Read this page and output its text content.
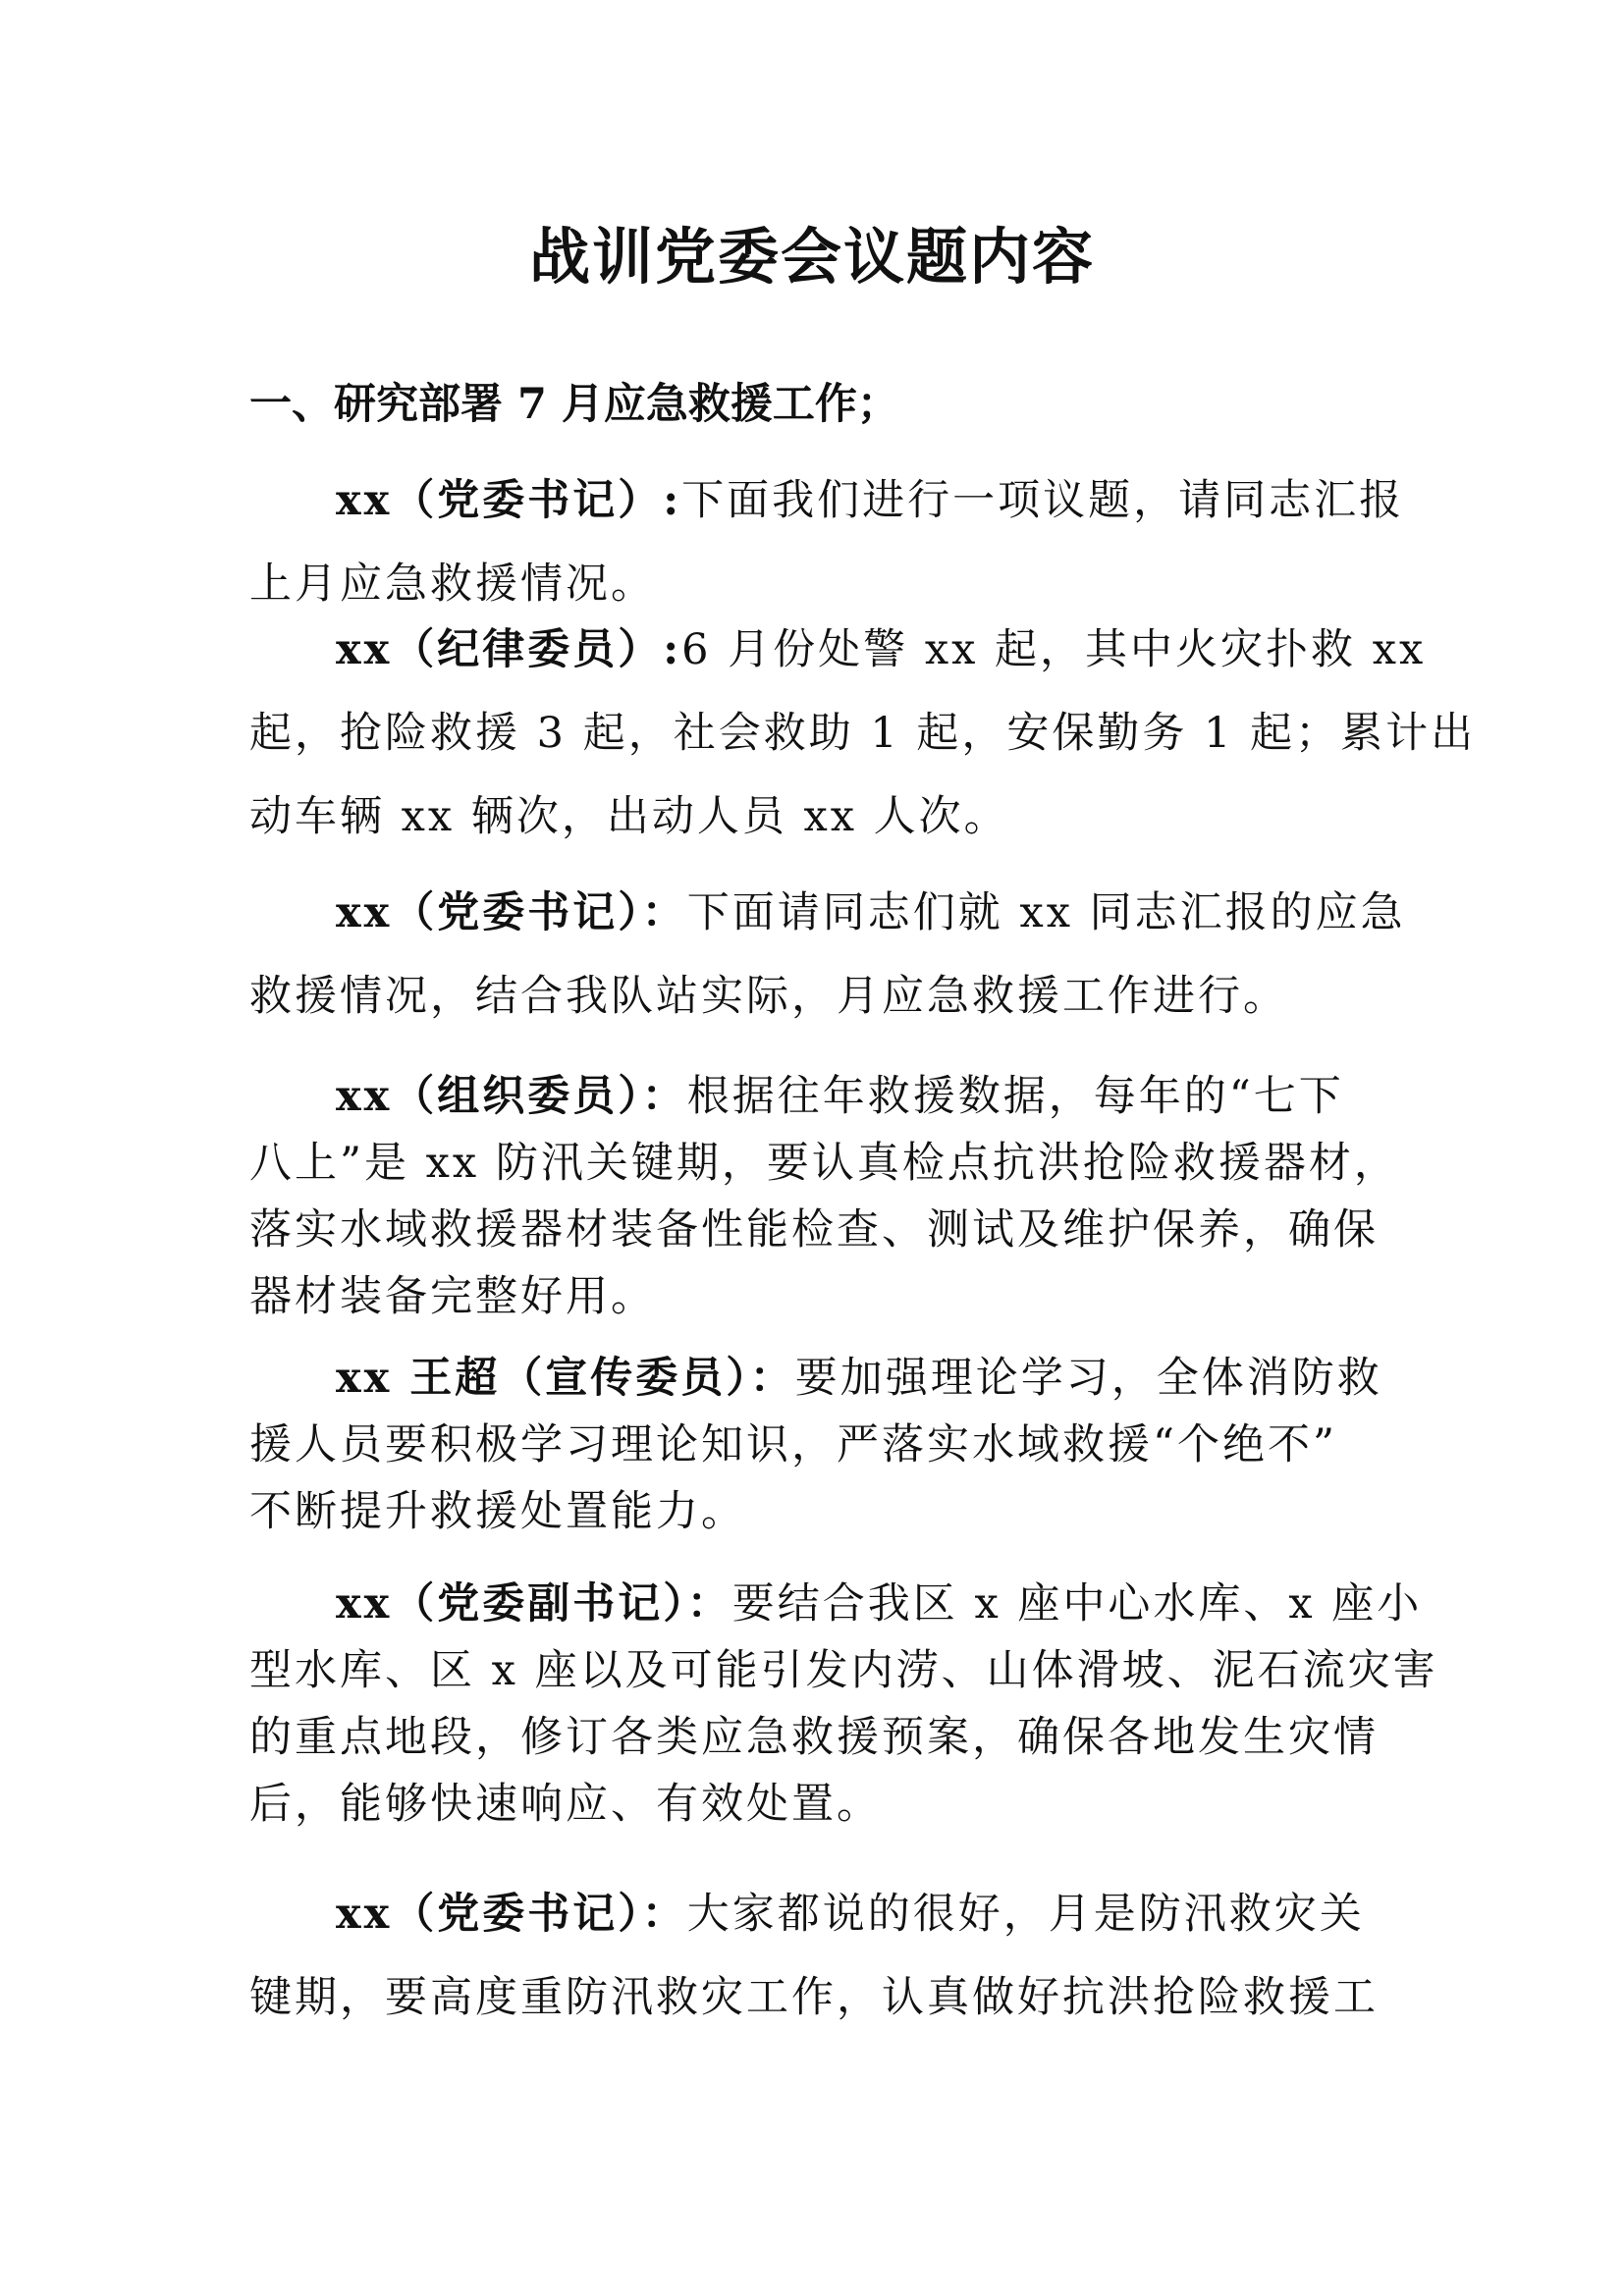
战训党委会议题内容
一、研究部署 7 月应急救援工作；
xx（党委书记）:下面我们进行一项议题，请同志汇报
上月应急救援情况。
xx（纪律委员）:6 月份处警 xx 起，其中火灾扑救 xx
起，抢险救援 3 起，社会救助 1 起，安保勤务 1 起；累计出
动车辆 xx 辆次，出动人员 xx 人次。
xx（党委书记）：下面请同志们就 xx 同志汇报的应急
救援情况，结合我队站实际，月应急救援工作进行。
xx（组织委员）：根据往年救援数据，每年的“七下
八上”是 xx 防汛关键期，要认真检点抗洪抢险救援器材，
落实水域救援器材装备性能检查、测试及维护保养，确保
器材装备完整好用。
xx 王超（宣传委员）：要加强理论学习，全体消防救
援人员要积极学习理论知识，严落实水域救援“个绝不”
不断提升救援处置能力。
xx（党委副书记）：要结合我区 x 座中心水库、x 座小
型水库、区 x 座以及可能引发内涝、山体滑坡、泥石流灾害
的重点地段，修订各类应急救援预案，确保各地发生灾情
后，能够快速响应、有效处置。
xx（党委书记）：大家都说的很好，月是防汛救灾关
键期，要高度重防汛救灾工作，认真做好抗洪抢险救援工
